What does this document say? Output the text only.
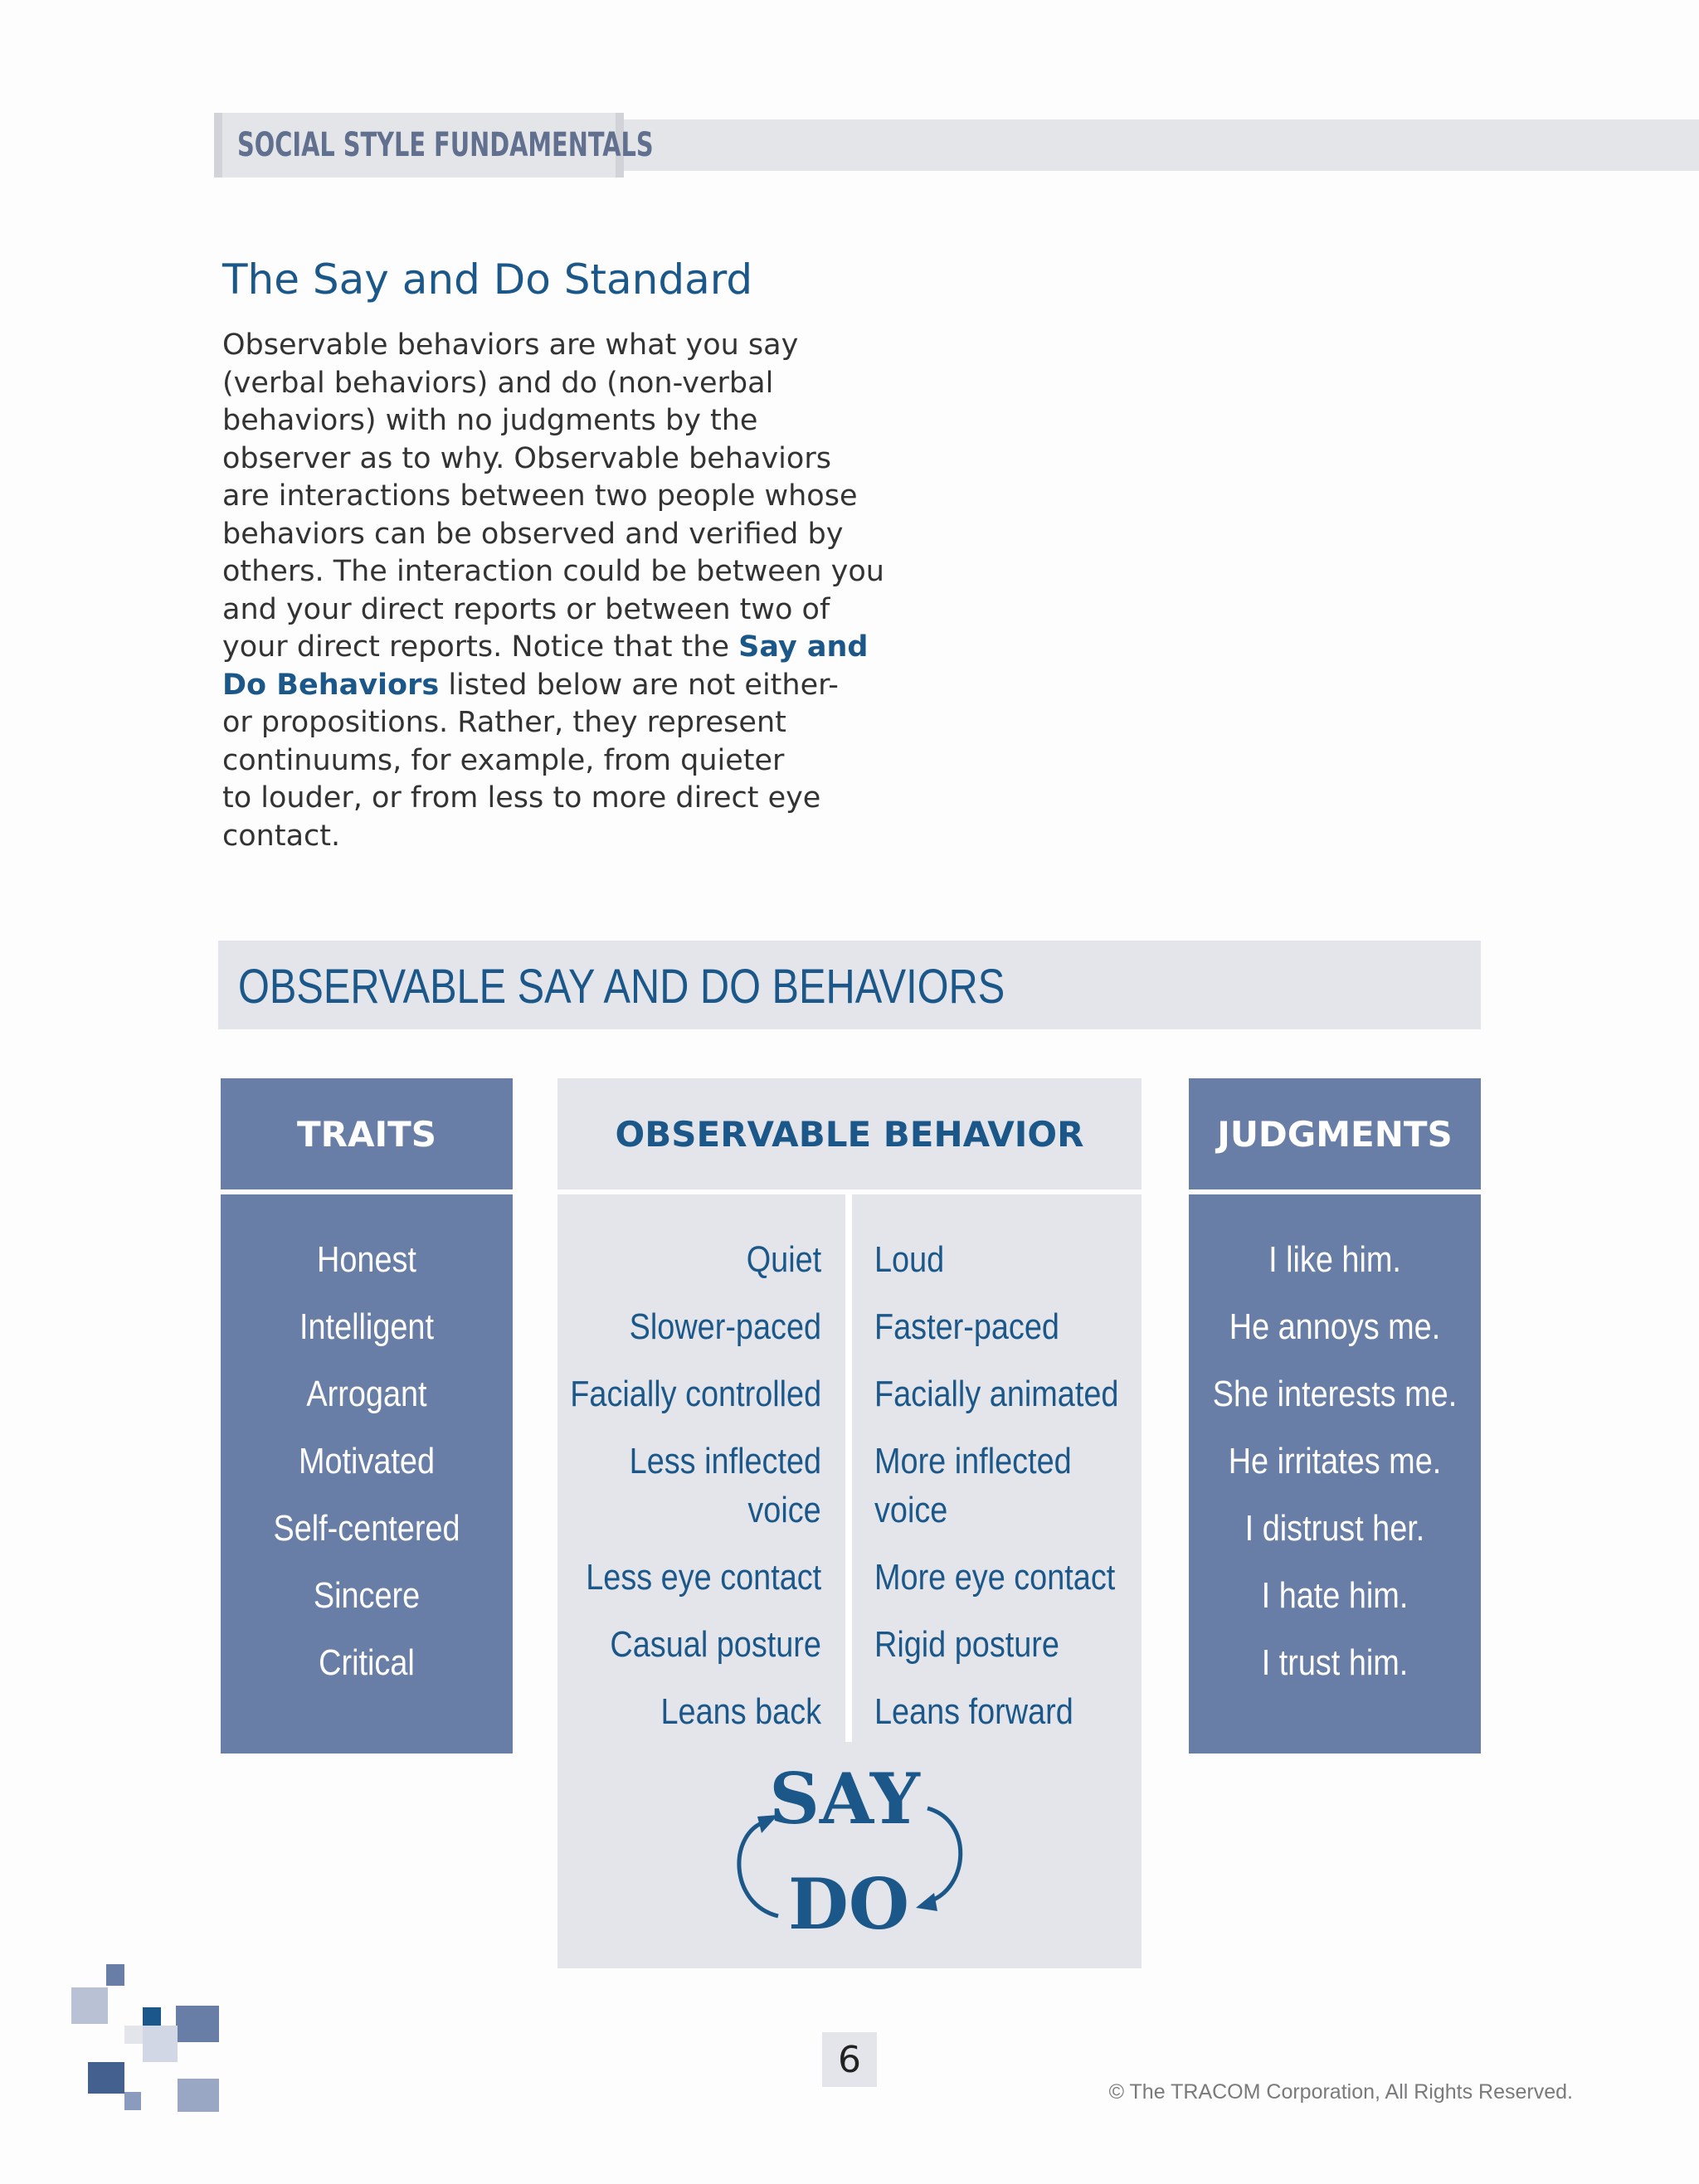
SOCIAL STYLE FUNDAMENTALS
The Say and Do Standard
Observable behaviors are what you say
(verbal behaviors) and do (non-verbal
behaviors) with no judgments by the
observer as to why. Observable behaviors
are interactions between two people whose
behaviors can be observed and verified by
others. The interaction could be between you
and your direct reports or between two of
your direct reports. Notice that the Say and
Do Behaviors listed below are not either-
or propositions. Rather, they represent
continuums, for example, from quieter
to louder, or from less to more direct eye
contact.
OBSERVABLE SAY AND DO BEHAVIORS
TRAITS	OBSERVABLE BEHAVIOR	JUDGMENTS
Honest
Intelligent
Arrogant
Motivated
Self-centered
Sincere
Critical
Quiet
Slower-paced
Facially controlled
Less inflected
voice
Less eye contact
Casual posture
Leans back
Loud
Faster-paced
Facially animated
More inflected
voice
More eye contact
Rigid posture
Leans forward
SAY
DO
I like him.
He annoys me.
She interests me.
He irritates me.
I distrust her.
I hate him.
I trust him.
6
© The TRACOM Corporation, All Rights Reserved.
